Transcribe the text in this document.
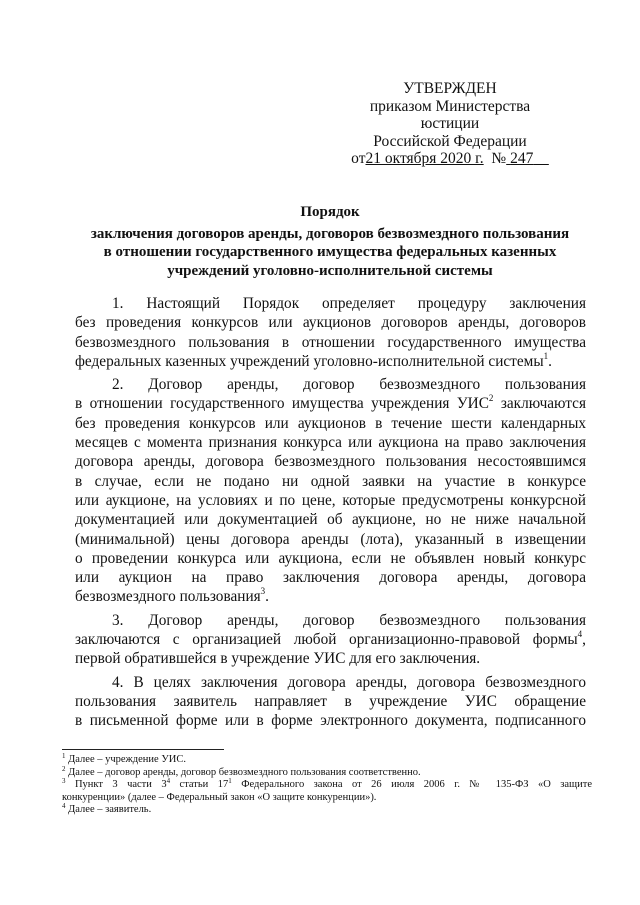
УТВЕРЖДЕН
приказом Министерства юстиции
Российской Федерации
от21 октября 2020 г. № 247
Порядок
заключения договоров аренды, договоров безвозмездного пользования
в отношении государственного имущества федеральных казенных
учреждений уголовно-исполнительной системы
1. Настоящий Порядок определяет процедуру заключения
без проведения конкурсов или аукционов договоров аренды, договоров
безвозмездного пользования в отношении государственного имущества
федеральных казенных учреждений уголовно-исполнительной системы$^1$.
2. Договор аренды, договор безвозмездного пользования
в отношении государственного имущества учреждения УИС$^2$ заключаются
без проведения конкурсов или аукционов в течение шести календарных
месяцев с момента признания конкурса или аукциона на право заключения
договора аренды, договора безвозмездного пользования несостоявшимся
в случае, если не подано ни одной заявки на участие в конкурсе
или аукционе, на условиях и по цене, которые предусмотрены конкурсной
документацией или документацией об аукционе, но не ниже начальной
(минимальной) цены договора аренды (лота), указанный в извещении
о проведении конкурса или аукциона, если не объявлен новый конкурс
или аукцион на право заключения договора аренды, договора
безвозмездного пользования$^3$.
3. Договор аренды, договор безвозмездного пользования
заключаются с организацией любой организационно-правовой формы$^4$,
первой обратившейся в учреждение УИС для его заключения.
4. В целях заключения договора аренды, договора безвозмездного
пользования заявитель направляет в учреждение УИС обращение
в письменной форме или в форме электронного документа, подписанного
$^1$ Далее – учреждение УИС.
$^2$ Далее – договор аренды, договор безвозмездного пользования соответственно.
$^3$ Пункт 3 части $3^4$ статьи $17^1$ Федерального закона от 26 июля 2006 г. № 135-ФЗ «О защите
конкуренции» (далее – Федеральный закон «О защите конкуренции»).
$^4$ Далее – заявитель.
